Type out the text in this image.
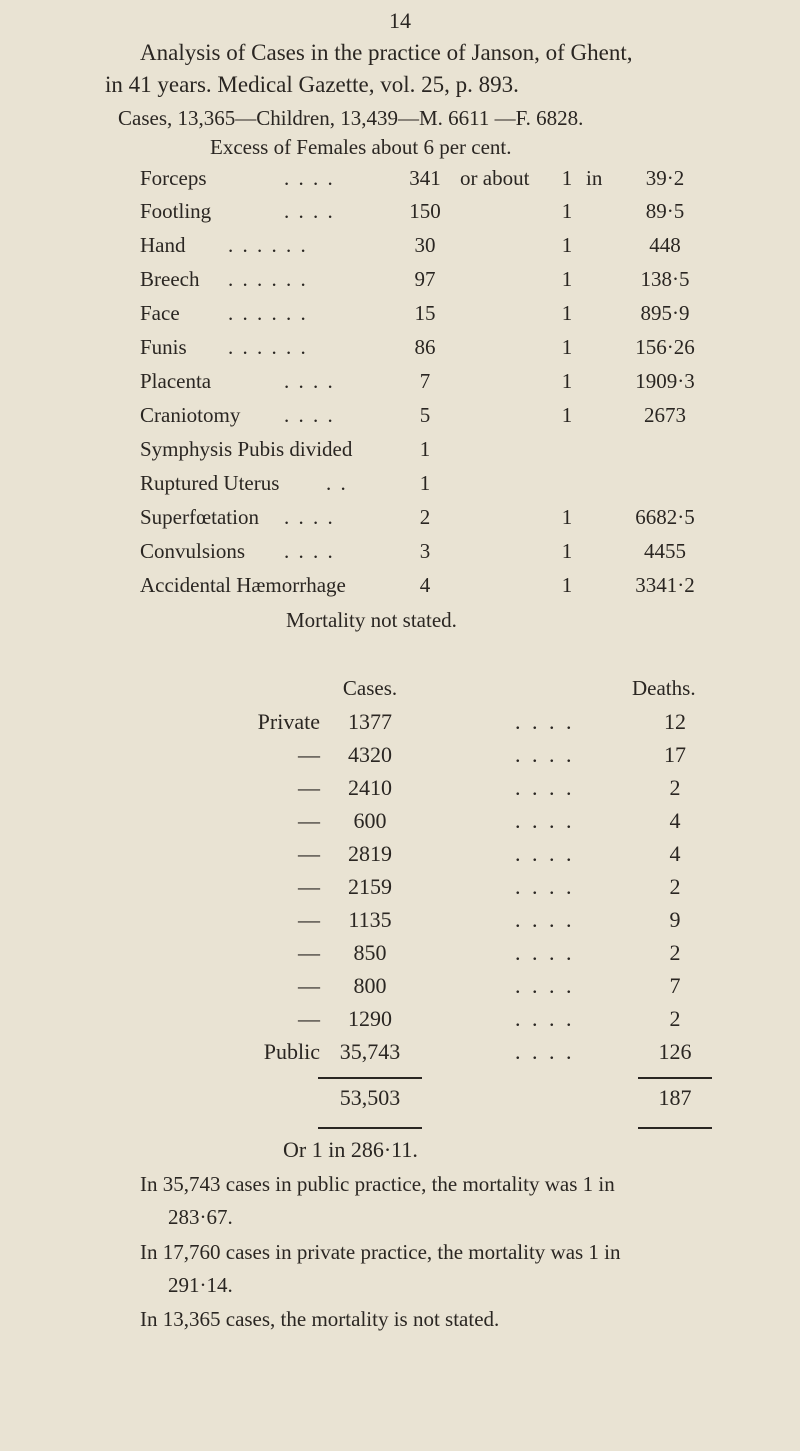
14
Analysis of Cases in the practice of Janson, of Ghent,
in 41 years. Medical Gazette, vol. 25, p. 893.
Cases, 13,365—Children, 13,439—M. 6611 —F. 6828.
Excess of Females about 6 per cent.
Forceps	. . . .	341 or about	1 in	39·2
Footling	. . . .	150	1	89·5
Hand . . . . . .	30	1	448
Breech . . . . . .	97	1	138·5
Face . . . . . .	15	1	895·9
Funis . . . . . .	86	1	156·26
Placenta	. . . .	7	1	1909·3
Craniotomy . . . .	5	1	2673
Symphysis Pubis divided	1
Ruptured Uterus . .	1
Superfœtation . . . .	2	1	6682·5
Convulsions . . . .	3	1	4455
Accidental Hæmorrhage	4	1	3341·2
Mortality not stated.
Cases.	Deaths.
Private	1377	. . . .	12
—	4320	. . . .	17
—	2410	. . . .	2
—	600	. . . .	4
—	2819	. . . .	4
—	2159	. . . .	2
—	1135	. . . .	9
—	850	. . . .	2
—	800	. . . .	7
—	1290	. . . .	2
Public 35,743	. . . .	126
53,503	187
Or 1 in 286·11.
In 35,743 cases in public practice, the mortality was 1 in
283·67.
In 17,760 cases in private practice, the mortality was 1 in
291·14.
In 13,365 cases, the mortality is not stated.
